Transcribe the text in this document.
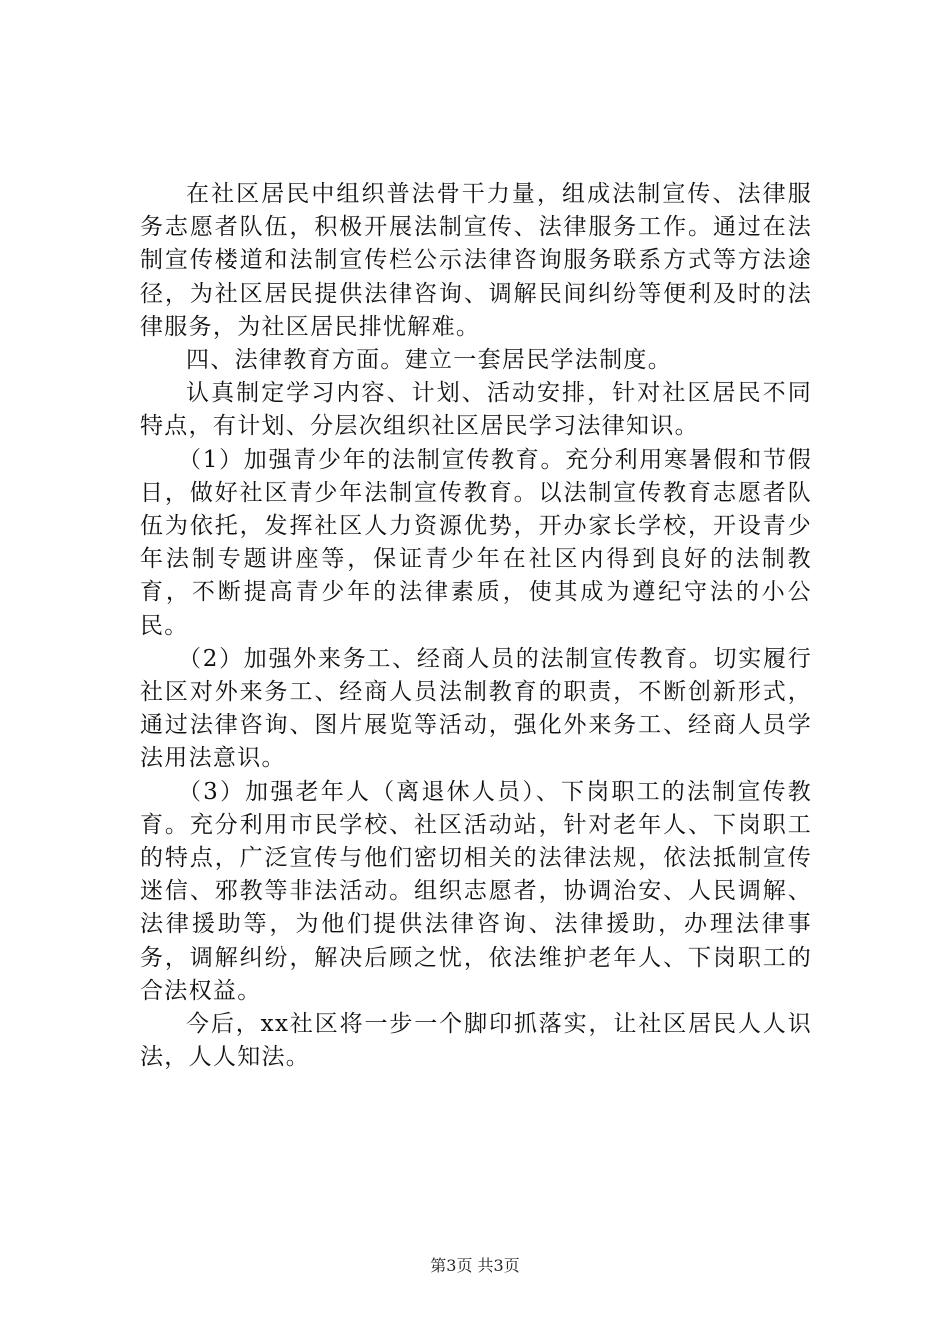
在社区居民中组织普法骨干力量，组成法制宣传、法律服务志愿者队伍，积极开展法制宣传、法律服务工作。通过在法制宣传楼道和法制宣传栏公示法律咨询服务联系方式等方法途径，为社区居民提供法律咨询、调解民间纠纷等便利及时的法律服务，为社区居民排忧解难。

四、法律教育方面。建立一套居民学法制度。

认真制定学习内容、计划、活动安排，针对社区居民不同特点，有计划、分层次组织社区居民学习法律知识。

（1）加强青少年的法制宣传教育。充分利用寒暑假和节假日，做好社区青少年法制宣传教育。以法制宣传教育志愿者队伍为依托，发挥社区人力资源优势，开办家长学校，开设青少年法制专题讲座等，保证青少年在社区内得到良好的法制教育，不断提高青少年的法律素质，使其成为遵纪守法的小公民。

（2）加强外来务工、经商人员的法制宣传教育。切实履行社区对外来务工、经商人员法制教育的职责，不断创新形式，通过法律咨询、图片展览等活动，强化外来务工、经商人员学法用法意识。

（3）加强老年人（离退休人员）、下岗职工的法制宣传教育。充分利用市民学校、社区活动站，针对老年人、下岗职工的特点，广泛宣传与他们密切相关的法律法规，依法抵制宣传迷信、邪教等非法活动。组织志愿者，协调治安、人民调解、法律援助等，为他们提供法律咨询、法律援助，办理法律事务，调解纠纷，解决后顾之忧，依法维护老年人、下岗职工的合法权益。

今后，xx社区将一步一个脚印抓落实，让社区居民人人识法，人人知法。

第3页 共3页
